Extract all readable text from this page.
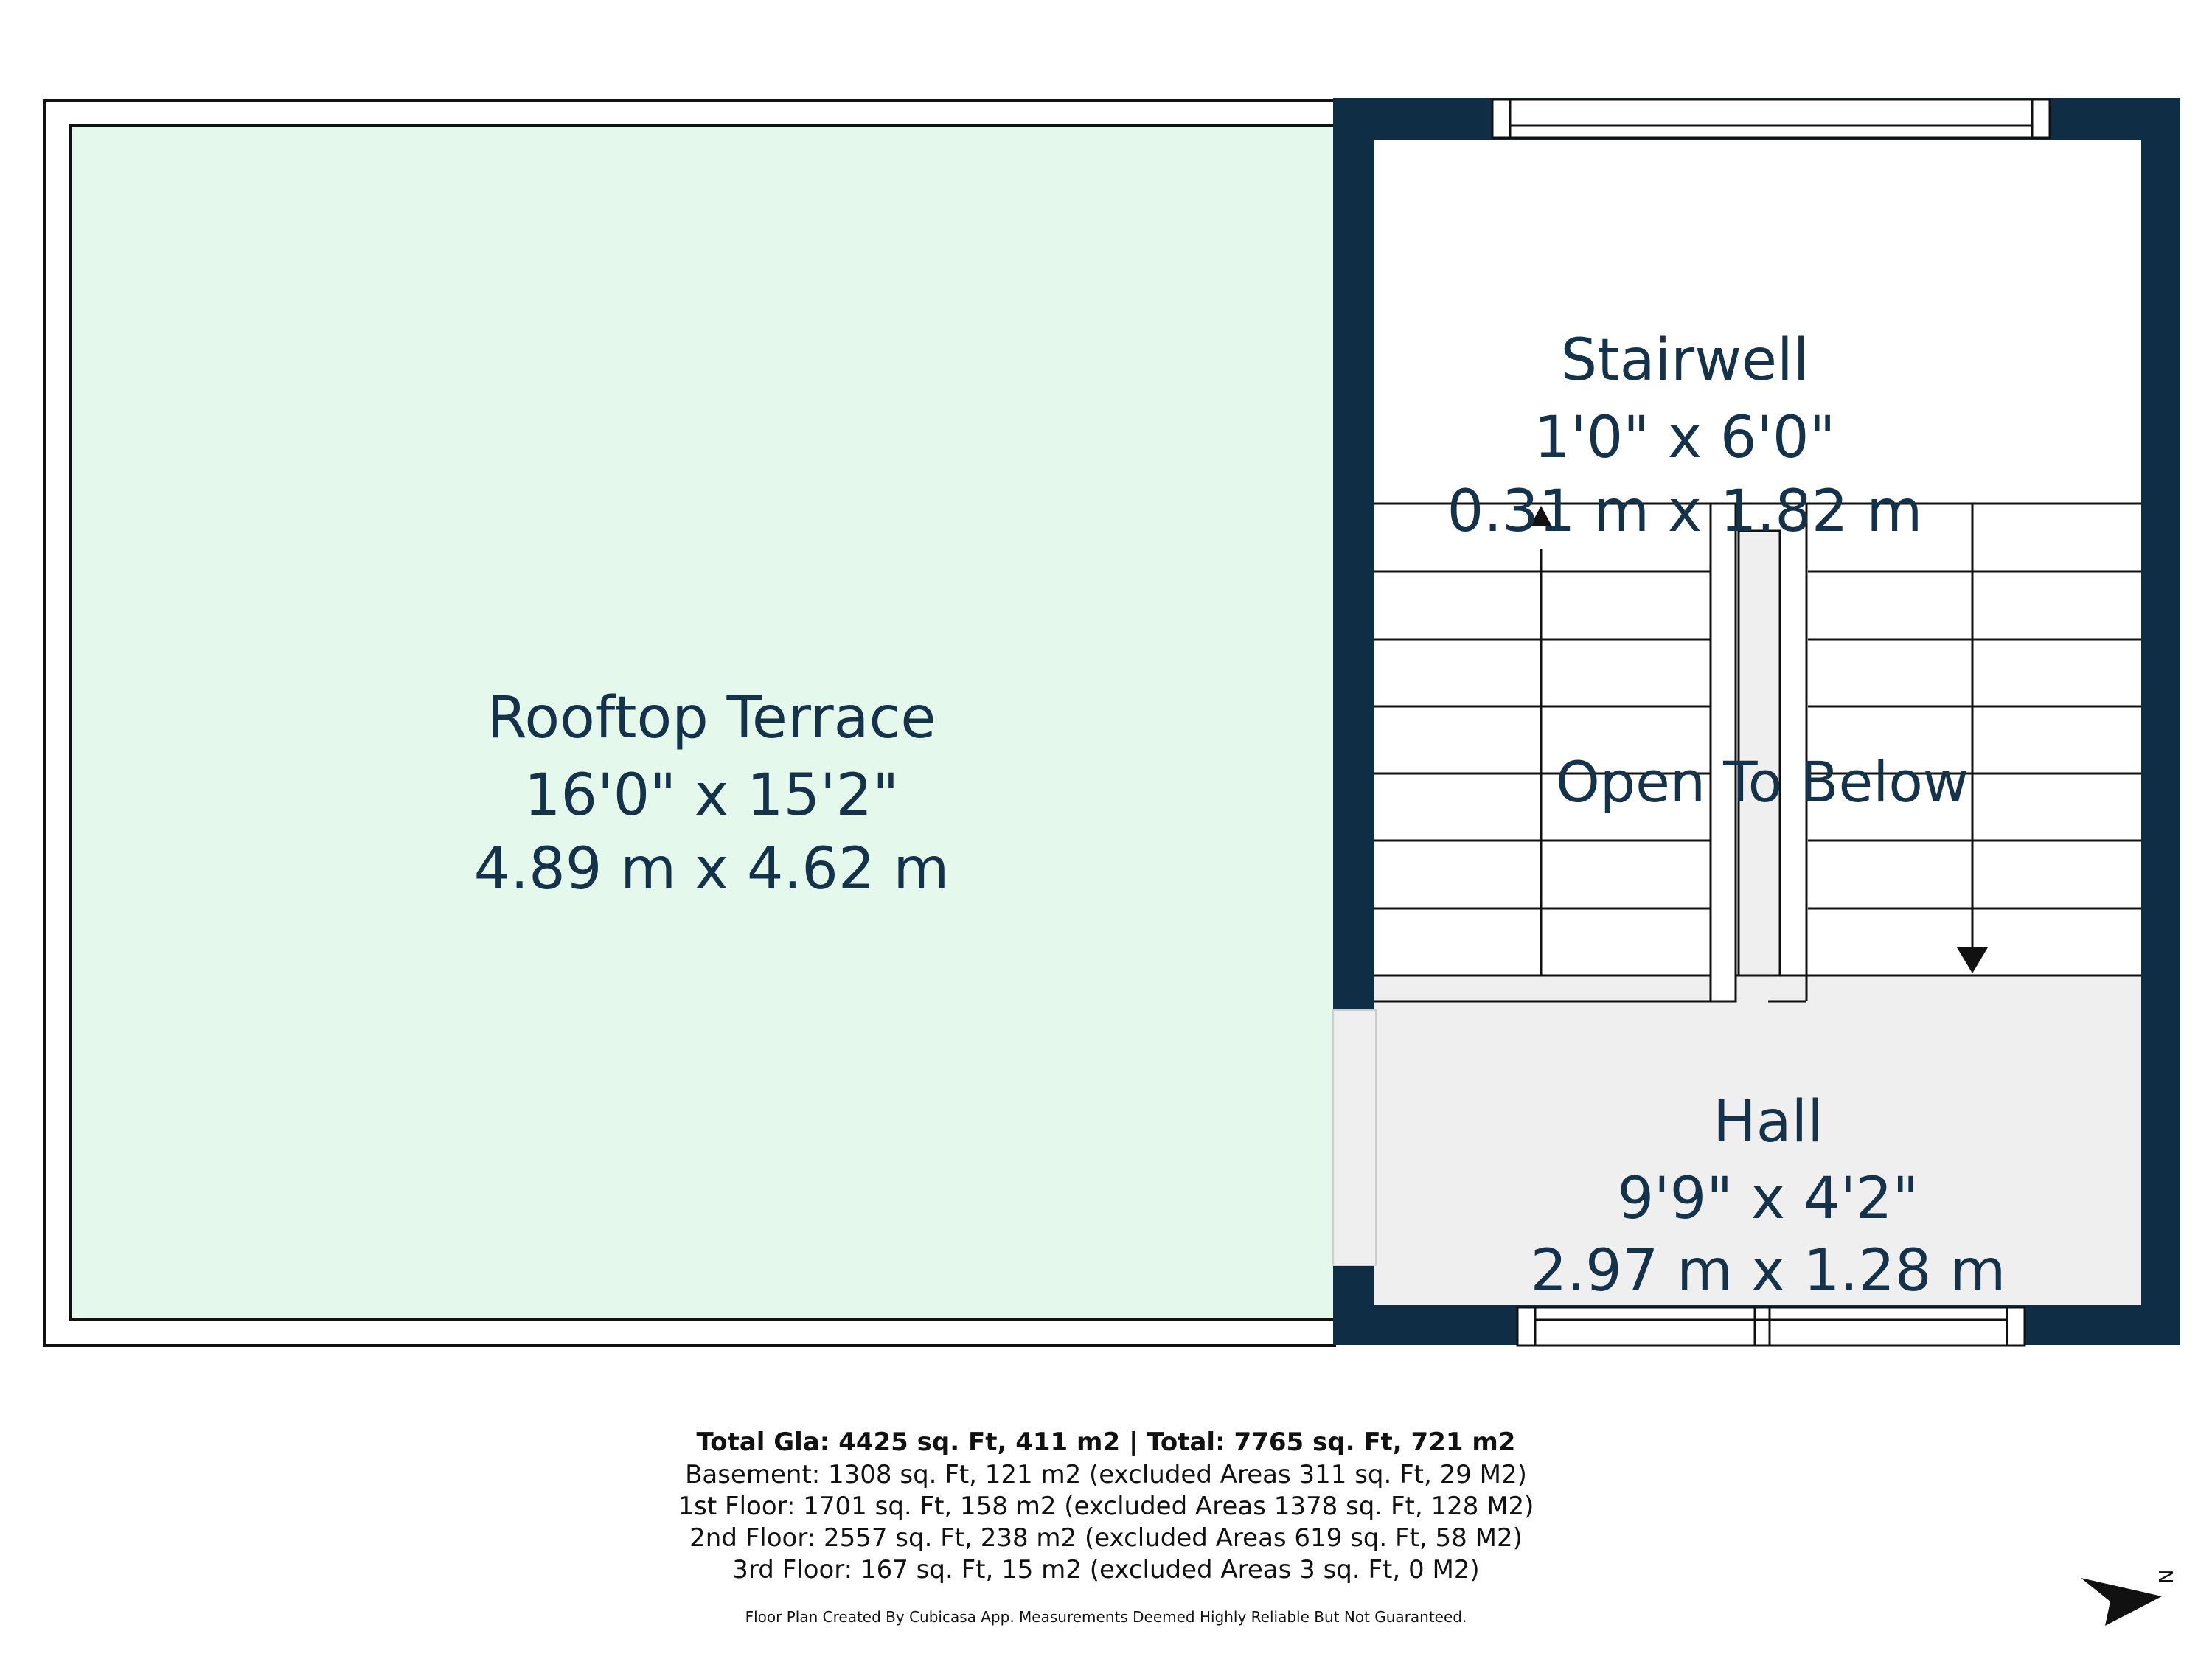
Rooftop Terrace
16'0" x 15'2"
4.89 m x 4.62 m
Stairwell
1'0" x 6'0"
0.31 m x 1.82 m
Open To Below
Hall
9'9" x 4'2"
2.97 m x 1.28 m
N
Total Gla: 4425 sq. Ft, 411 m2 | Total: 7765 sq. Ft, 721 m2
Basement: 1308 sq. Ft, 121 m2 (excluded Areas 311 sq. Ft, 29 M2)
1st Floor: 1701 sq. Ft, 158 m2 (excluded Areas 1378 sq. Ft, 128 M2)
2nd Floor: 2557 sq. Ft, 238 m2 (excluded Areas 619 sq. Ft, 58 M2)
3rd Floor: 167 sq. Ft, 15 m2 (excluded Areas 3 sq. Ft, 0 M2)
Floor Plan Created By Cubicasa App. Measurements Deemed Highly Reliable But Not Guaranteed.
